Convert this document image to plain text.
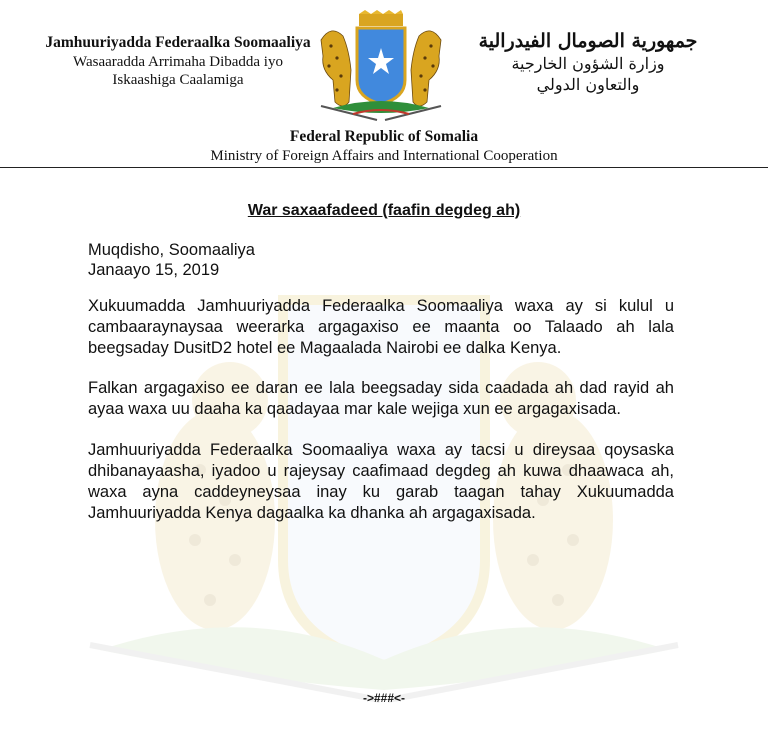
Jamhuuriyadda Federaalka Soomaaliya
Wasaaradda Arrimaha Dibadda iyo
Iskaashiga Caalamiga
جمهورية الصومال الفيدرالية
وزارة الشؤون الخارجية
والتعاون الدولي
Federal Republic of Somalia
Ministry of Foreign Affairs and International Cooperation
War saxaafadeed (faafin degdeg ah)
Muqdisho, Soomaaliya
Janaayo 15, 2019
Xukuumadda Jamhuuriyadda Federaalka Soomaaliya waxa ay si kulul u cambaaraynaysaa weerarka argagaxiso ee maanta oo Talaado ah lala beegsaday DusitD2 hotel ee Magaalada Nairobi ee dalka Kenya.
Falkan argagaxiso ee daran ee lala beegsaday sida caadada ah dad rayid ah ayaa waxa uu daaha ka qaadayaa mar kale wejiga xun ee argagaxisada.
Jamhuuriyadda Federaalka Soomaaliya waxa ay tacsi u direysaa qoysaska dhibanayaasha, iyadoo u rajeysay caafimaad degdeg ah kuwa dhaawaca ah, waxa ayna caddeyneysaa inay ku garab taagan tahay Xukuumadda Jamhuuriyadda Kenya dagaalka ka dhanka ah argagaxisada.
->###<-
